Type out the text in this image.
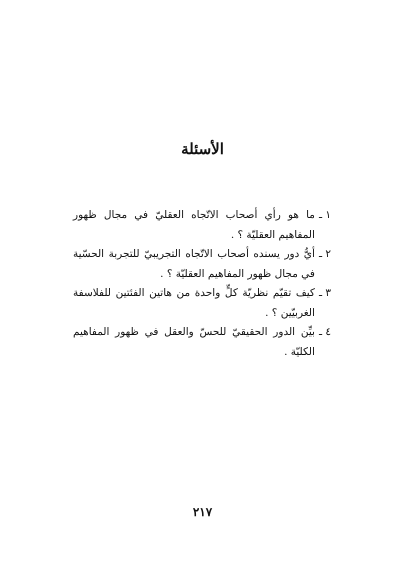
الأسئلة
١ ـ
ما هو رأي أصحاب الاتّجاه العقليّ في مجال ظهور المفاهيم العقليّة ؟ .
٢ ـ
أيُّ دور يسنده أصحاب الاتّجاه التجريبيّ للتجربة الحسّية في مجال ظهور المفاهيم العقليّة ؟ .
٣ ـ
كيف تقيّم نظريّة كلٍّ واحدة من هاتين الفئتين للفلاسفة الغربيّين ؟ .
٤ ـ
بيِّن الدور الحقيقيّ للحسّ والعقل في ظهور المفاهيم الكليّة .
٢١٧
